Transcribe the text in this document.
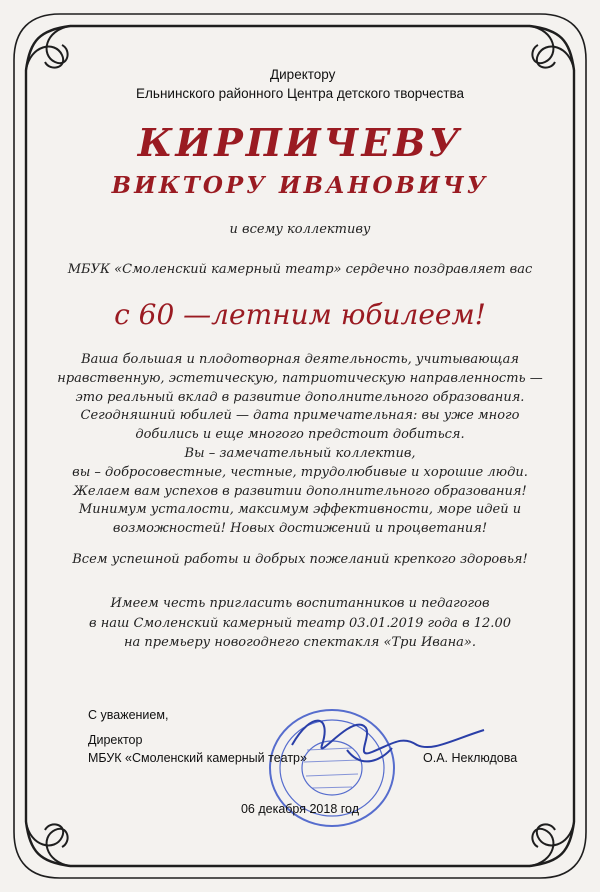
Директору
Ельнинского районного Центра детского творчества
КИРПИЧЕВУ
ВИКТОРУ ИВАНОВИЧУ
и всему коллективу
МБУК «Смоленский камерный театр» сердечно поздравляет вас
с 60 —летним юбилеем!
Ваша большая и плодотворная деятельность, учитывающая
нравственную, эстетическую, патриотическую направленность —
это реальный вклад в развитие дополнительного образования.
Сегодняшний юбилей — дата примечательная: вы уже много
добились и еще многого предстоит добиться.
Вы – замечательный коллектив,
вы – добросовестные, честные, трудолюбивые и хорошие люди.
Желаем вам успехов в развитии дополнительного образования!
Минимум усталости, максимум эффективности, море идей и
возможностей! Новых достижений и процветания!
Всем успешной работы и добрых пожеланий крепкого здоровья!
Имеем честь пригласить воспитанников и педагогов
в наш Смоленский камерный театр 03.01.2019 года в 12.00
на премьеру новогоднего спектакля «Три Ивана».
С уважением,
Директор
МБУК «Смоленский камерный театр»	О.А. Неклюдова
06 декабря 2018 год
